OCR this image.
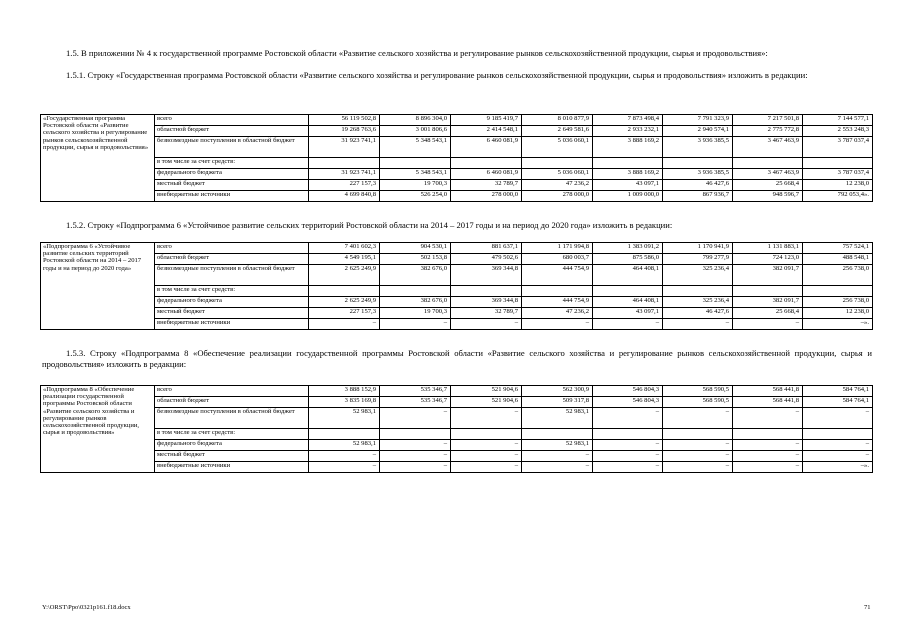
1.5. В приложении № 4 к государственной программе Ростовской области «Развитие сельского хозяйства и регулирование рынков сельскохозяйственной продукции, сырья и продовольствия»:

1.5.1. Строку «Государственная программа Ростовской области «Развитие сельского хозяйства и регулирование рынков сельскохозяйственной продукции, сырья и продовольствия» изложить в редакции:

«Государственная программа Ростовской области «Развитие сельского хозяйства и регулирование рынков сельскохозяйственной продукции, сырья и продовольствия»	всего	56 119 502,8	8 896 304,0	9 185 419,7	8 010 877,9	7 873 498,4	7 791 323,9	7 217 501,8	7 144 577,1
	областной бюджет	19 268 763,6	3 001 806,6	2 414 548,1	2 649 581,6	2 933 232,1	2 940 574,1	2 775 772,8	2 553 248,3
	безвозмездные поступления в областной бюджет	31 923 741,1	5 348 543,1	6 460 081,9	5 036 060,1	3 888 169,2	3 936 385,5	3 467 463,9	3 787 037,4
	в том числе за счет средств:								
	федерального бюджета	31 923 741,1	5 348 543,1	6 460 081,9	5 036 060,1	3 888 169,2	3 936 385,5	3 467 463,9	3 787 037,4
	местный бюджет	227 157,3	19 700,3	32 789,7	47 236,2	43 097,1	46 427,6	25 668,4	12 238,0
	внебюджетные источники	4 699 840,8	526 254,0	278 000,0	278 000,0	1 009 000,0	867 936,7	948 596,7	792 053,4».

1.5.2. Строку «Подпрограмма 6 «Устойчивое развитие сельских территорий Ростовской области на 2014 – 2017 годы и на период до 2020 года» изложить в редакции:

«Подпрограмма 6 «Устойчивое развитие сельских территорий Ростовской области на 2014 – 2017 годы и на период до 2020 года»	всего	7 401 602,3	904 530,1	881 637,1	1 171 994,8	1 383 091,2	1 170 941,9	1 131 883,1	757 524,1
	областной бюджет	4 549 195,1	502 153,8	479 502,6	680 003,7	875 586,0	799 277,9	724 123,0	488 548,1
	безвозмездные поступления в областной бюджет	2 625 249,9	382 676,0	369 344,8	444 754,9	464 408,1	325 236,4	382 091,7	256 738,0
	в том числе за счет средств:								
	федерального бюджета	2 625 249,9	382 676,0	369 344,8	444 754,9	464 408,1	325 236,4	382 091,7	256 738,0
	местный бюджет	227 157,3	19 700,3	32 789,7	47 236,2	43 097,1	46 427,6	25 668,4	12 238,0
	внебюджетные источники	–	–	–	–	–	–	–	–».

1.5.3. Строку «Подпрограмма 8 «Обеспечение реализации государственной программы Ростовской области «Развитие сельского хозяйства и регулирование рынков сельскохозяйственной продукции, сырья и продовольствия» изложить в редакции:

«Подпрограмма 8 «Обеспечение реализации государственной программы Ростовской области «Развитие сельского хозяйства и регулирование рынков сельскохозяйственной продукции, сырья и продовольствия»	всего	3 888 152,9	535 346,7	521 904,6	562 300,9	546 804,3	568 590,5	568 441,8	584 764,1
	областной бюджет	3 835 169,8	535 346,7	521 904,6	509 317,8	546 804,3	568 590,5	568 441,8	584 764,1
	безвозмездные поступления в областной бюджет	52 983,1	–	–	52 983,1	–	–	–	–
	в том числе за счет средств:								
	федерального бюджета	52 983,1	–	–	52 983,1	–	–	–	–
	местный бюджет	–	–	–	–	–	–	–	–
	внебюджетные источники	–	–	–	–	–	–	–	–».
Y:\ORST\Ppo\0321p161.f18.docx	71
